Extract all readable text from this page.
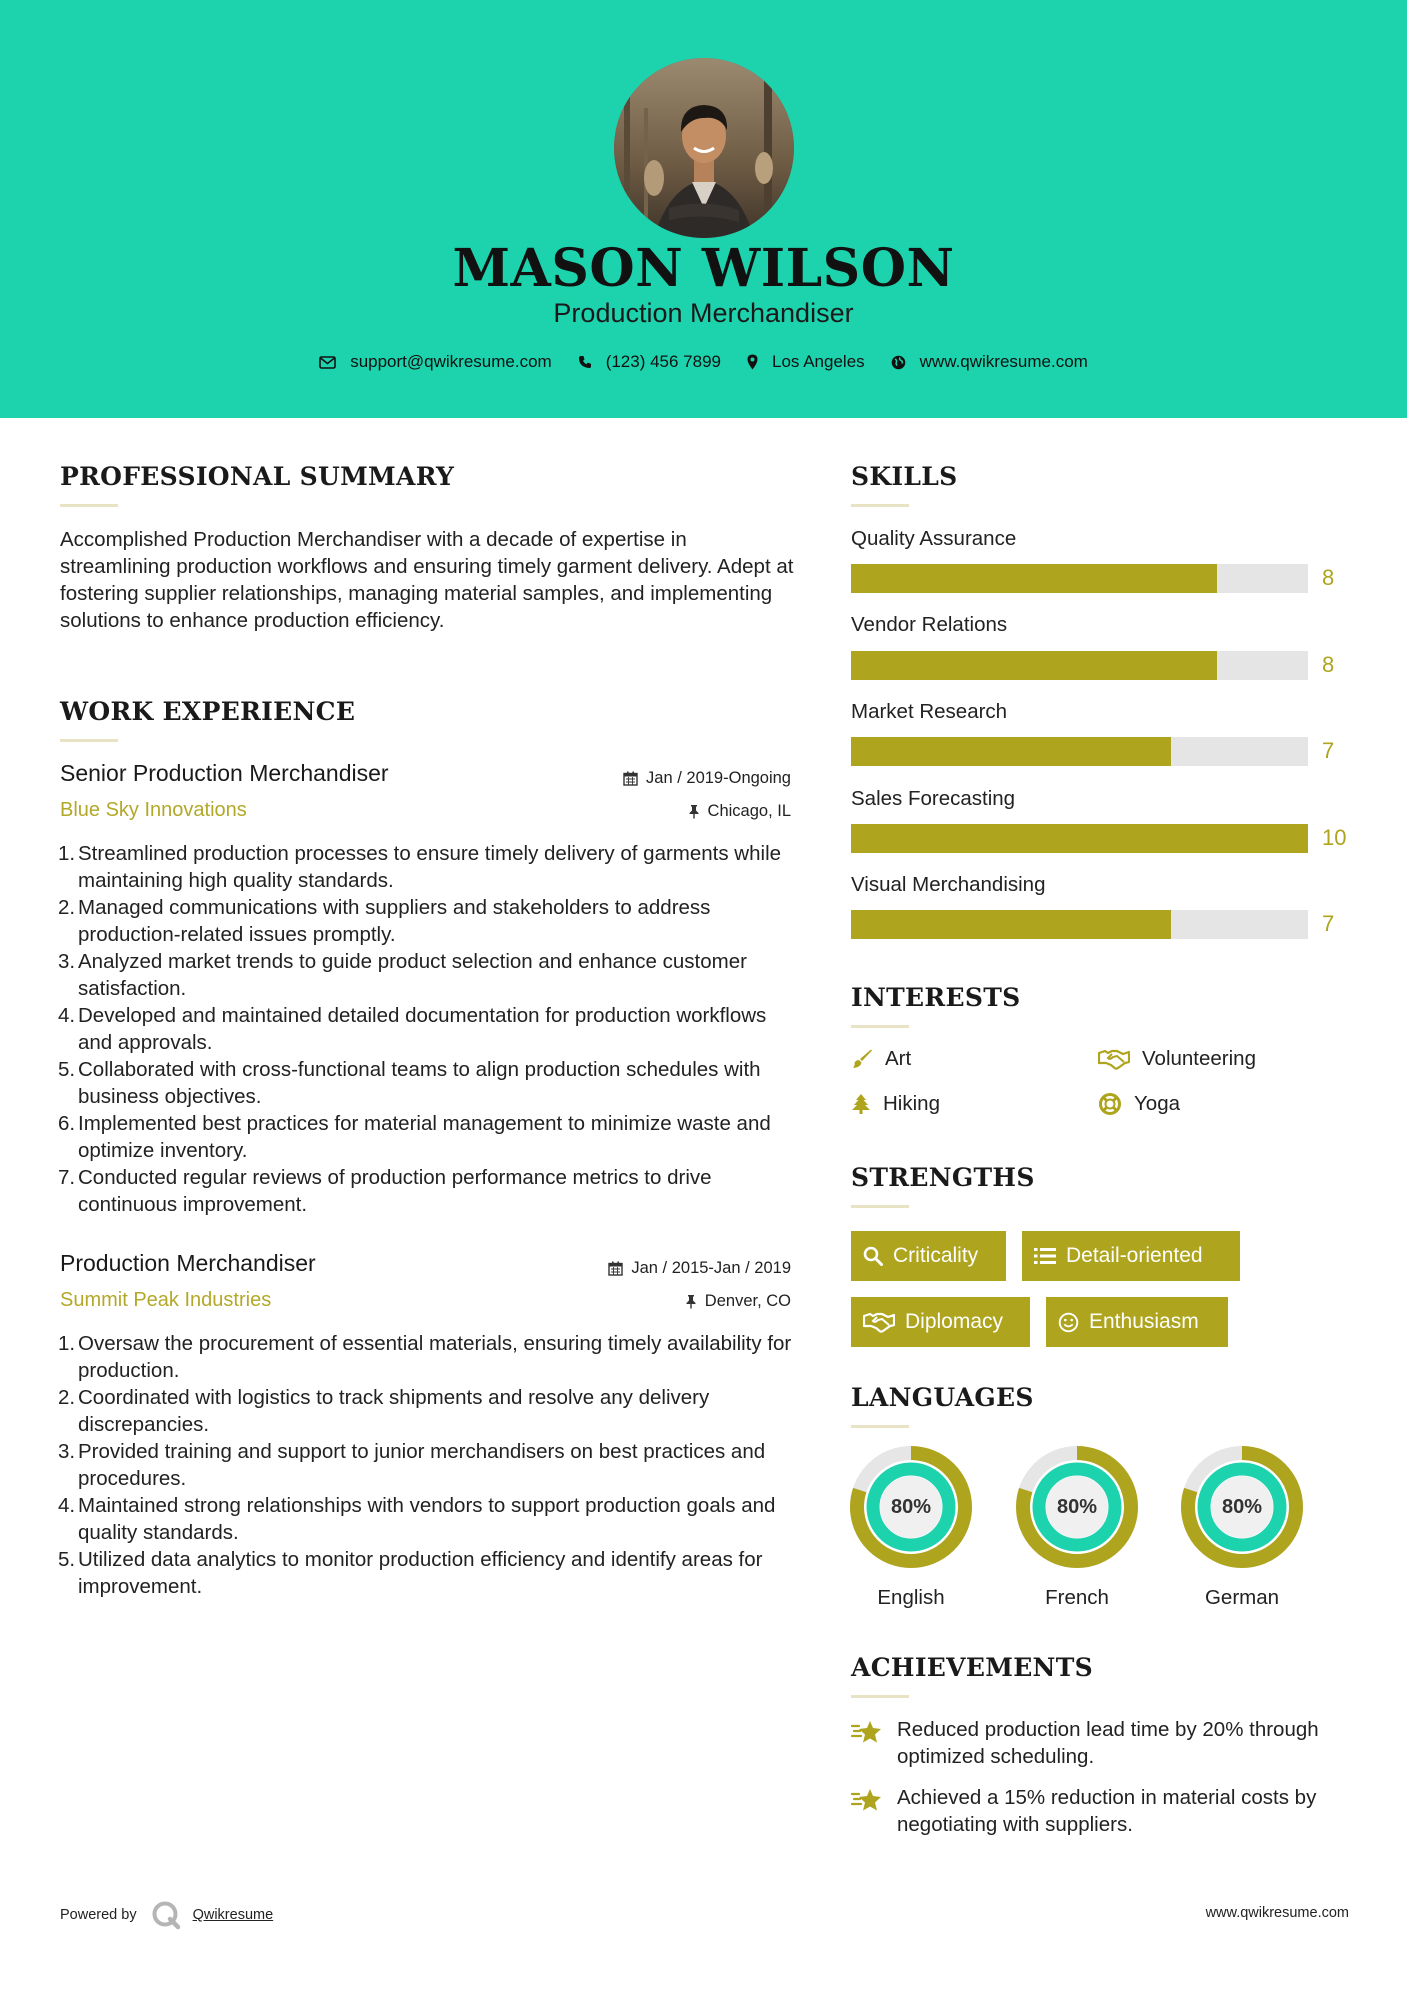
MASON WILSON
Production Merchandiser
support@qwikresume.com	(123) 456 7899	Los Angeles	www.qwikresume.com
PROFESSIONAL SUMMARY
Accomplished Production Merchandiser with a decade of expertise in streamlining production workflows and ensuring timely garment delivery. Adept at fostering supplier relationships, managing material samples, and implementing solutions to enhance production efficiency.
WORK EXPERIENCE
Senior Production Merchandiser	Jan / 2019-Ongoing
Blue Sky Innovations	Chicago, IL
1. Streamlined production processes to ensure timely delivery of garments while maintaining high quality standards.
2. Managed communications with suppliers and stakeholders to address production-related issues promptly.
3. Analyzed market trends to guide product selection and enhance customer satisfaction.
4. Developed and maintained detailed documentation for production workflows and approvals.
5. Collaborated with cross-functional teams to align production schedules with business objectives.
6. Implemented best practices for material management to minimize waste and optimize inventory.
7. Conducted regular reviews of production performance metrics to drive continuous improvement.
Production Merchandiser	Jan / 2015-Jan / 2019
Summit Peak Industries	Denver, CO
1. Oversaw the procurement of essential materials, ensuring timely availability for production.
2. Coordinated with logistics to track shipments and resolve any delivery discrepancies.
3. Provided training and support to junior merchandisers on best practices and procedures.
4. Maintained strong relationships with vendors to support production goals and quality standards.
5. Utilized data analytics to monitor production efficiency and identify areas for improvement.
SKILLS
Quality Assurance
8
Vendor Relations
8
Market Research
7
Sales Forecasting
10
Visual Merchandising
7
INTERESTS
Art	Volunteering
Hiking	Yoga
STRENGTHS
Criticality	Detail-oriented
Diplomacy	Enthusiasm
LANGUAGES
80%
English
80%
French
80%
German
ACHIEVEMENTS
Reduced production lead time by 20% through optimized scheduling.
Achieved a 15% reduction in material costs by negotiating with suppliers.
Powered by	Qwikresume	www.qwikresume.com
